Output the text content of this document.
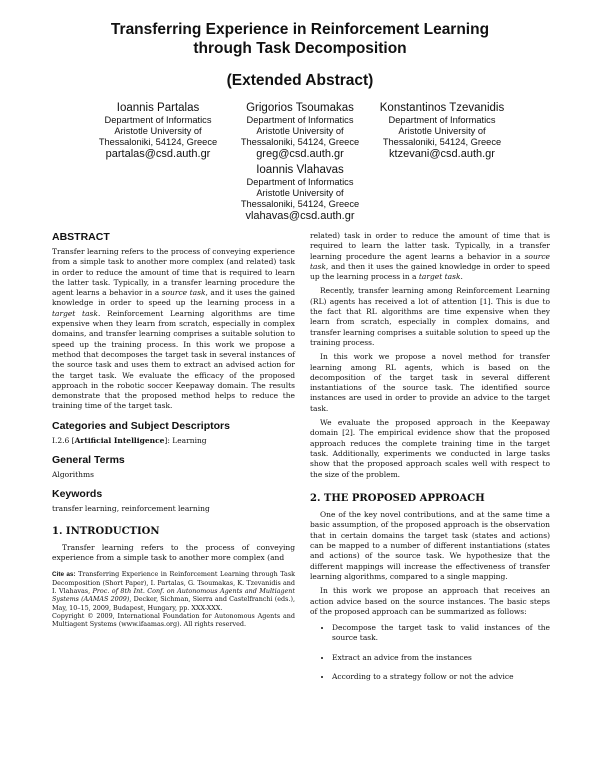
Transferring Experience in Reinforcement Learning
through Task Decomposition
(Extended Abstract)
Ioannis Partalas
Department of Informatics
Aristotle University of
Thessaloniki, 54124, Greece
partalas@csd.auth.gr
Grigorios Tsoumakas
Department of Informatics
Aristotle University of
Thessaloniki, 54124, Greece
greg@csd.auth.gr
Konstantinos Tzevanidis
Department of Informatics
Aristotle University of
Thessaloniki, 54124, Greece
ktzevani@csd.auth.gr
Ioannis Vlahavas
Department of Informatics
Aristotle University of
Thessaloniki, 54124, Greece
vlahavas@csd.auth.gr
ABSTRACT

Transfer learning refers to the process of conveying experience from a simple task to another more complex (and related) task in order to reduce the amount of time that is required to learn the latter task. Typically, in a transfer learning procedure the agent learns a behavior in a source task, and it uses the gained knowledge in order to speed up the learning process in a target task. Reinforcement Learning algorithms are time expensive when they learn from scratch, especially in complex domains, and transfer learning comprises a suitable solution to speed up the training process. In this work we propose a method that decomposes the target task in several instances of the source task and uses them to extract an advised action for the target task. We evaluate the efficacy of the proposed approach in the robotic soccer Keepaway domain. The results demonstrate that the proposed method helps to reduce the training time of the target task.

Categories and Subject Descriptors

I.2.6 [Artificial Intelligence]: Learning

General Terms

Algorithms

Keywords

transfer learning, reinforcement learning

1. INTRODUCTION

Transfer learning refers to the process of conveying experience from a simple task to another more complex (and

Cite as: Transferring Experience in Reinforcement Learning through Task Decomposition (Short Paper), I. Partalas, G. Tsoumakas, K. Tzevanidis and I. Vlahavas, Proc. of 8th Int. Conf. on Autonomous Agents and Multiagent Systems (AAMAS 2009), Decker, Sichman, Sierra and Castelfranchi (eds.), May, 10–15, 2009, Budapest, Hungary, pp. XXX-XXX.
Copyright © 2009, International Foundation for Autonomous Agents and Multiagent Systems (www.ifaamas.org). All rights reserved.

related) task in order to reduce the amount of time that is required to learn the latter task. Typically, in a transfer learning procedure the agent learns a behavior in a source task, and then it uses the gained knowledge in order to speed up the learning process in a target task.

Recently, transfer learning among Reinforcement Learning (RL) agents has received a lot of attention [1]. This is due to the fact that RL algorithms are time expensive when they learn from scratch, especially in complex domains, and transfer learning comprises a suitable solution to speed up the training process.

In this work we propose a novel method for transfer learning among RL agents, which is based on the decomposition of the target task in several different instantiations of the source task. The identified source instances are used in order to provide an advice to the target task.

We evaluate the proposed approach in the Keepaway domain [2]. The empirical evidence show that the proposed approach reduces the complete training time in the target task. Additionally, experiments we conducted in large tasks show that the proposed approach scales well with respect to the size of the problem.

2. THE PROPOSED APPROACH

One of the key novel contributions, and at the same time a basic assumption, of the proposed approach is the observation that in certain domains the target task (states and actions) can be mapped to a number of different instantiations (states and actions) of the source task. We hypothesize that the different mappings will increase the effectiveness of transfer learning algorithms, compared to a single mapping.

In this work we propose an approach that receives an action advice based on the source instances. The basic steps of the proposed approach can be summarized as follows:

• Decompose the target task to valid instances of the source task.
• Extract an advice from the instances
• According to a strategy follow or not the advice
